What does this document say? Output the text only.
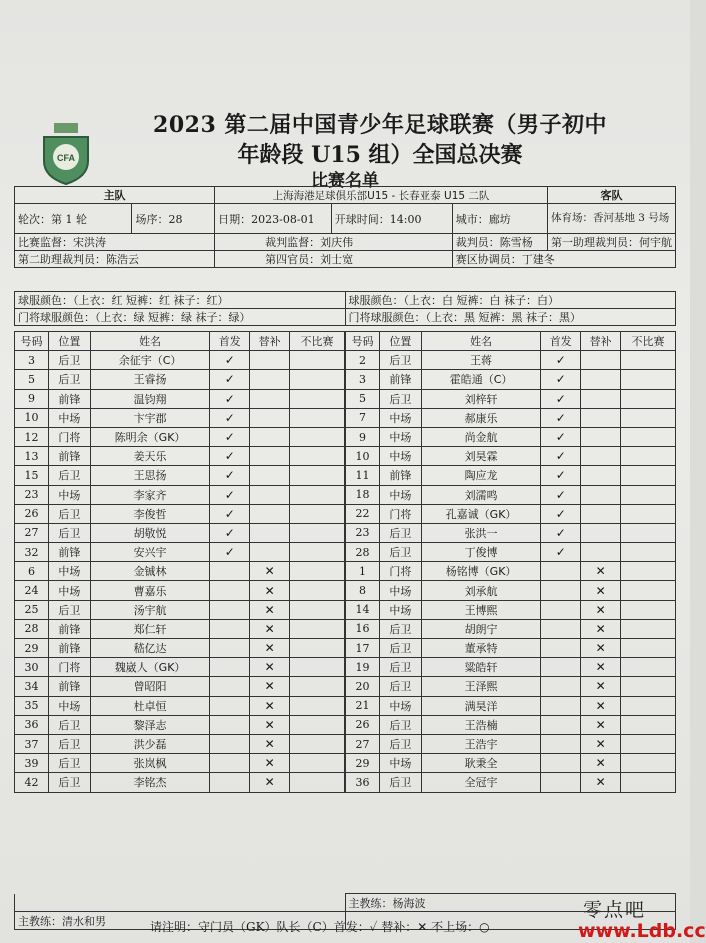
CFA
2023 第二届中国青少年足球联赛（男子初中
年龄段 U15 组）全国总决赛
比赛名单
主队		上海海港足球俱乐部U15 - 长春亚泰 U15 二队			客队
轮次：第 1 轮	场序：28	日期：2023-08-01	开球时间：14:00	城市：廊坊	体育场：香河基地 3 号场
比赛监督：宋洪涛		裁判监督：刘庆伟		裁判员：陈雪杨	第一助理裁判员：何宇航
第二助理裁判员：陈浩云		第四官员：刘士宽		赛区协调员：丁建冬	
球服颜色：（上衣：红 短裤：红 袜子：红）	球服颜色：（上衣：白 短裤：白 袜子：白）
门将球服颜色：（上衣：绿 短裤：绿 袜子：绿）	门将球服颜色：（上衣：黑 短裤：黑 袜子：黑）
号码	位置	姓名	首发	替补	不比赛
3	后卫	余征宇（C）	✓		
5	后卫	王睿扬	✓		
9	前锋	温钧翔	✓		
10	中场	卞宇郡	✓		
12	门将	陈明余（GK）	✓		
13	前锋	姜天乐	✓		
15	后卫	王思扬	✓		
23	中场	李家齐	✓		
26	后卫	李俊哲	✓		
27	后卫	胡敬悦	✓		
32	前锋	安兴宇	✓		
6	中场	金铖林		✕	
24	中场	曹嘉乐		✕	
25	后卫	汤宇航		✕	
28	前锋	郑仁轩		✕	
29	前锋	嵇亿达		✕	
30	门将	魏崴人（GK）		✕	
34	前锋	曾昭阳		✕	
35	中场	杜卓恒		✕	
36	后卫	黎泽志		✕	
37	后卫	洪少磊		✕	
39	后卫	张岚枫		✕	
42	后卫	李铭杰		✕	
号码	位置	姓名	首发	替补	不比赛
2	后卫	王蒋	✓		
3	前锋	霍皓通（C）	✓		
5	后卫	刘梓轩	✓		
7	中场	郝康乐	✓		
9	中场	尚金航	✓		
10	中场	刘昊霖	✓		
11	前锋	陶应龙	✓		
18	中场	刘濡鸣	✓		
22	门将	孔嘉诚（GK）	✓		
23	后卫	张洪一	✓		
28	后卫	丁俊博	✓		
1	门将	杨铭博（GK）		✕	
8	中场	刘承航		✕	
14	中场	王博熙		✕	
16	后卫	胡朗宁		✕	
17	后卫	董承特		✕	
19	后卫	粱皓轩		✕	
20	后卫	王泽熙		✕	
21	中场	满昊洋		✕	
26	后卫	王浩楠		✕	
27	后卫	王浩宇		✕	
29	中场	耿秉全		✕	
36	后卫	全冠宇		✕	
	主教练：杨海波
主教练：清水和男		请注明：守门员（GK）队长（C）首发：✓ 替补：✕ 不上场：○
零点吧
www.Ldb.cc
